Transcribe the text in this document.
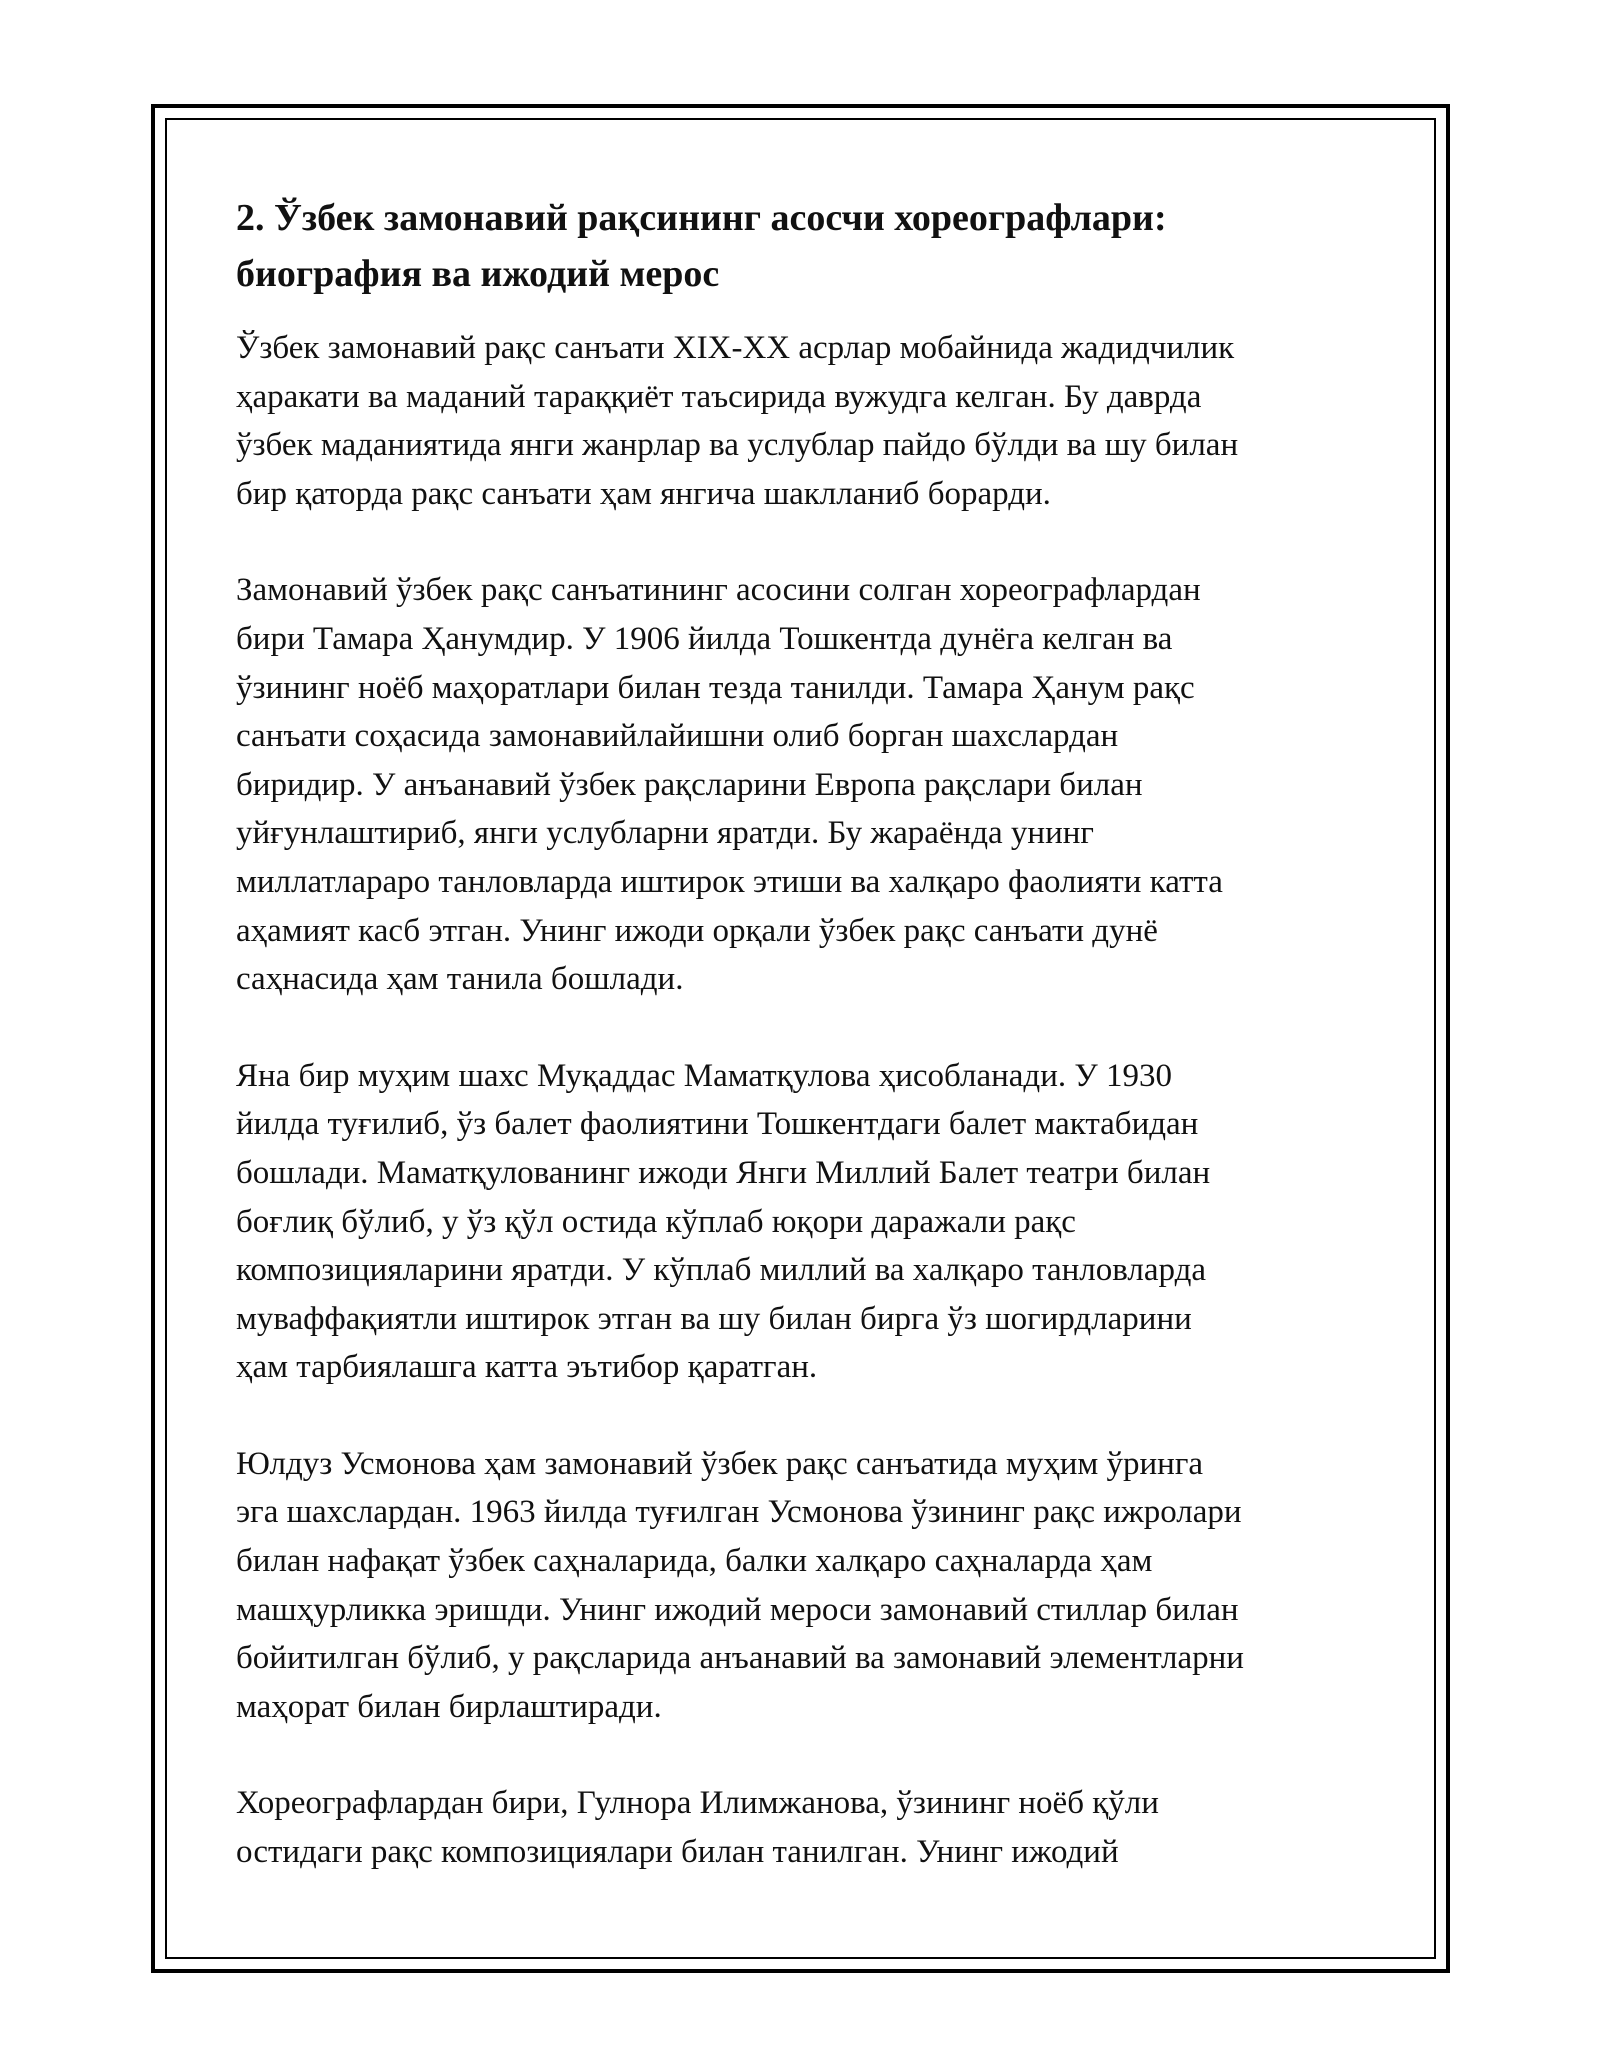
2. Ўзбек замонавий рақсининг асосчи хореографлари:
биография ва ижодий мерос

Ўзбек замонавий рақс санъати XIX-XX асрлар мобайнида жадидчилик
ҳаракати ва маданий тараққиёт таъсирида вужудга келган. Бу даврда
ўзбек маданиятида янги жанрлар ва услублар пайдо бўлди ва шу билан
бир қаторда рақс санъати ҳам янгича шаклланиб борарди.

Замонавий ўзбек рақс санъатининг асосини солган хореографлардан
бири Тамара Ҳанумдир. У 1906 йилда Тошкентда дунёга келган ва
ўзининг ноёб маҳоратлари билан тезда танилди. Тамара Ҳанум рақс
санъати соҳасида замонавийлайишни олиб борган шахслардан
биридир. У анъанавий ўзбек рақсларини Европа рақслари билан
уйғунлаштириб, янги услубларни яратди. Бу жараёнда унинг
миллатлараро танловларда иштирок этиши ва халқаро фаолияти катта
аҳамият касб этган. Унинг ижоди орқали ўзбек рақс санъати дунё
саҳнасида ҳам танила бошлади.

Яна бир муҳим шахс Муқаддас Маматқулова ҳисобланади. У 1930
йилда туғилиб, ўз балет фаолиятини Тошкентдаги балет мактабидан
бошлади. Маматқулованинг ижоди Янги Миллий Балет театри билан
боғлиқ бўлиб, у ўз қўл остида кўплаб юқори даражали рақс
композицияларини яратди. У кўплаб миллий ва халқаро танловларда
муваффақиятли иштирок этган ва шу билан бирга ўз шогирдларини
ҳам тарбиялашга катта эътибор қаратган.

Юлдуз Усмонова ҳам замонавий ўзбек рақс санъатида муҳим ўринга
эга шахслардан. 1963 йилда туғилган Усмонова ўзининг рақс ижролари
билан нафақат ўзбек саҳналарида, балки халқаро саҳналарда ҳам
машҳурликка эришди. Унинг ижодий мероси замонавий стиллар билан
бойитилган бўлиб, у рақсларида анъанавий ва замонавий элементларни
маҳорат билан бирлаштиради.

Хореографлардан бири, Гулнора Илимжанова, ўзининг ноёб қўли
остидаги рақс композициялари билан танилган. Унинг ижодий
